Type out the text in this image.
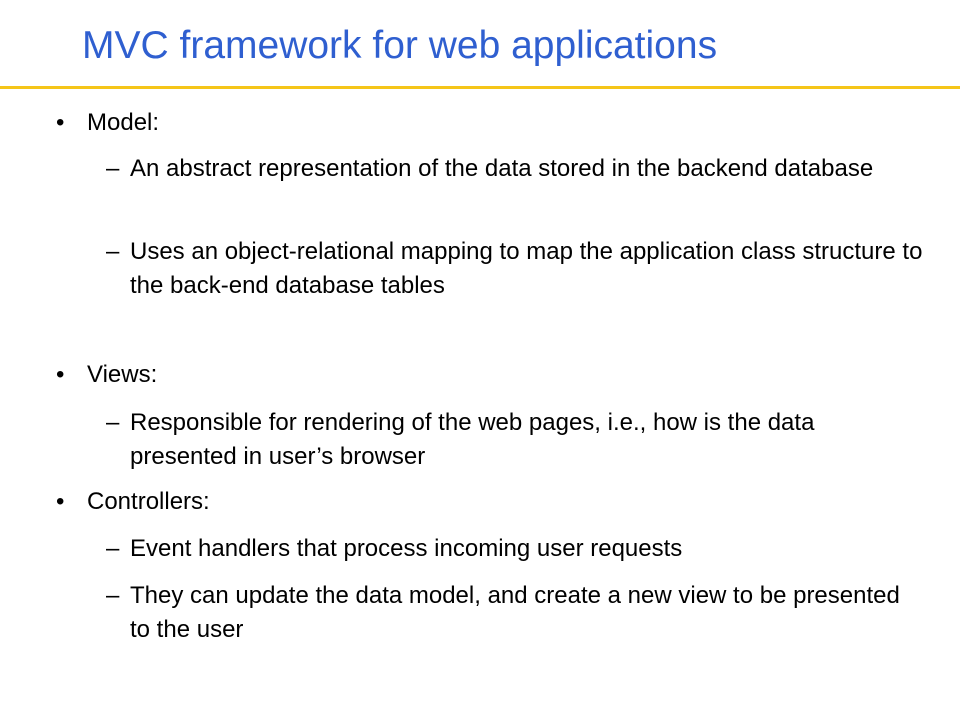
MVC framework for web applications
• Model:
– An abstract representation of the data stored in the backend database
– Uses an object-relational mapping to map the application class structure to the back-end database tables
• Views:
– Responsible for rendering of the web pages, i.e., how is the data presented in user’s browser
• Controllers:
– Event handlers that process incoming user requests
– They can update the data model, and create a new view to be presented to the user
